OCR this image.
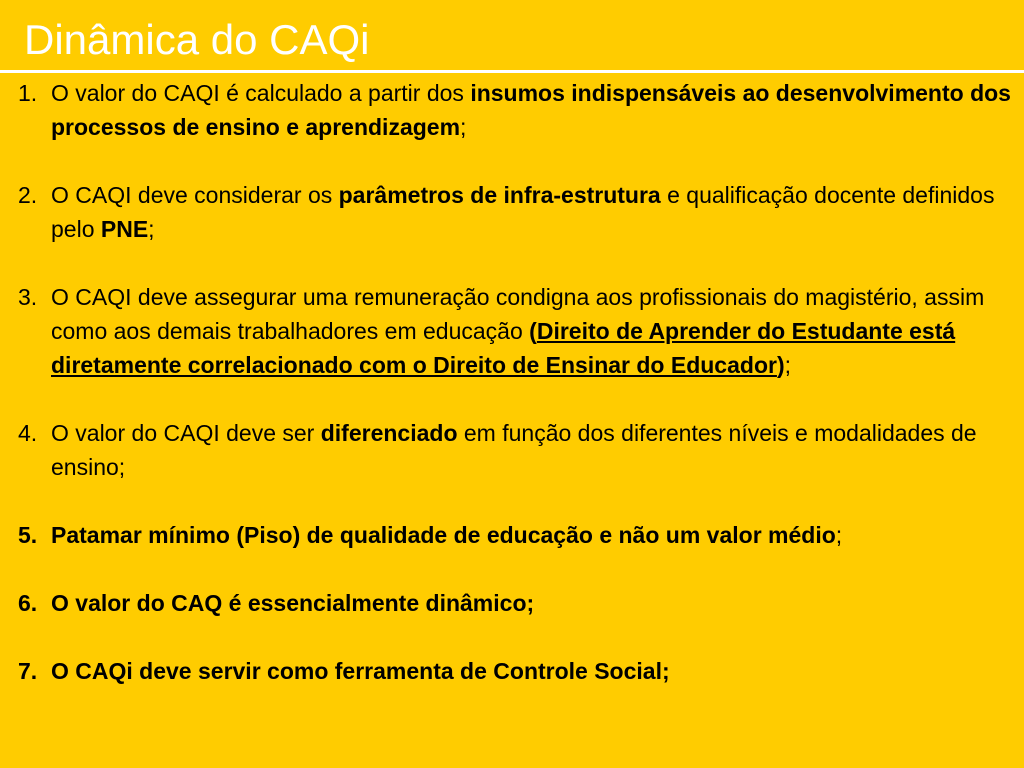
Dinâmica do CAQi
1. O valor do CAQI é calculado a partir dos insumos indispensáveis ao desenvolvimento dos processos de ensino e aprendizagem;
2. O CAQI deve considerar os parâmetros de infra-estrutura e qualificação docente definidos pelo PNE;
3. O CAQI deve assegurar uma remuneração condigna aos profissionais do magistério, assim como aos demais trabalhadores em educação (Direito de Aprender do Estudante está diretamente correlacionado com o Direito de Ensinar do Educador);
4. O valor do CAQI deve ser diferenciado em função dos diferentes níveis e modalidades de ensino;
5. Patamar mínimo (Piso) de qualidade de educação e não um valor médio;
6. O valor do CAQ é essencialmente dinâmico;
7. O CAQi deve servir como ferramenta de Controle Social;
